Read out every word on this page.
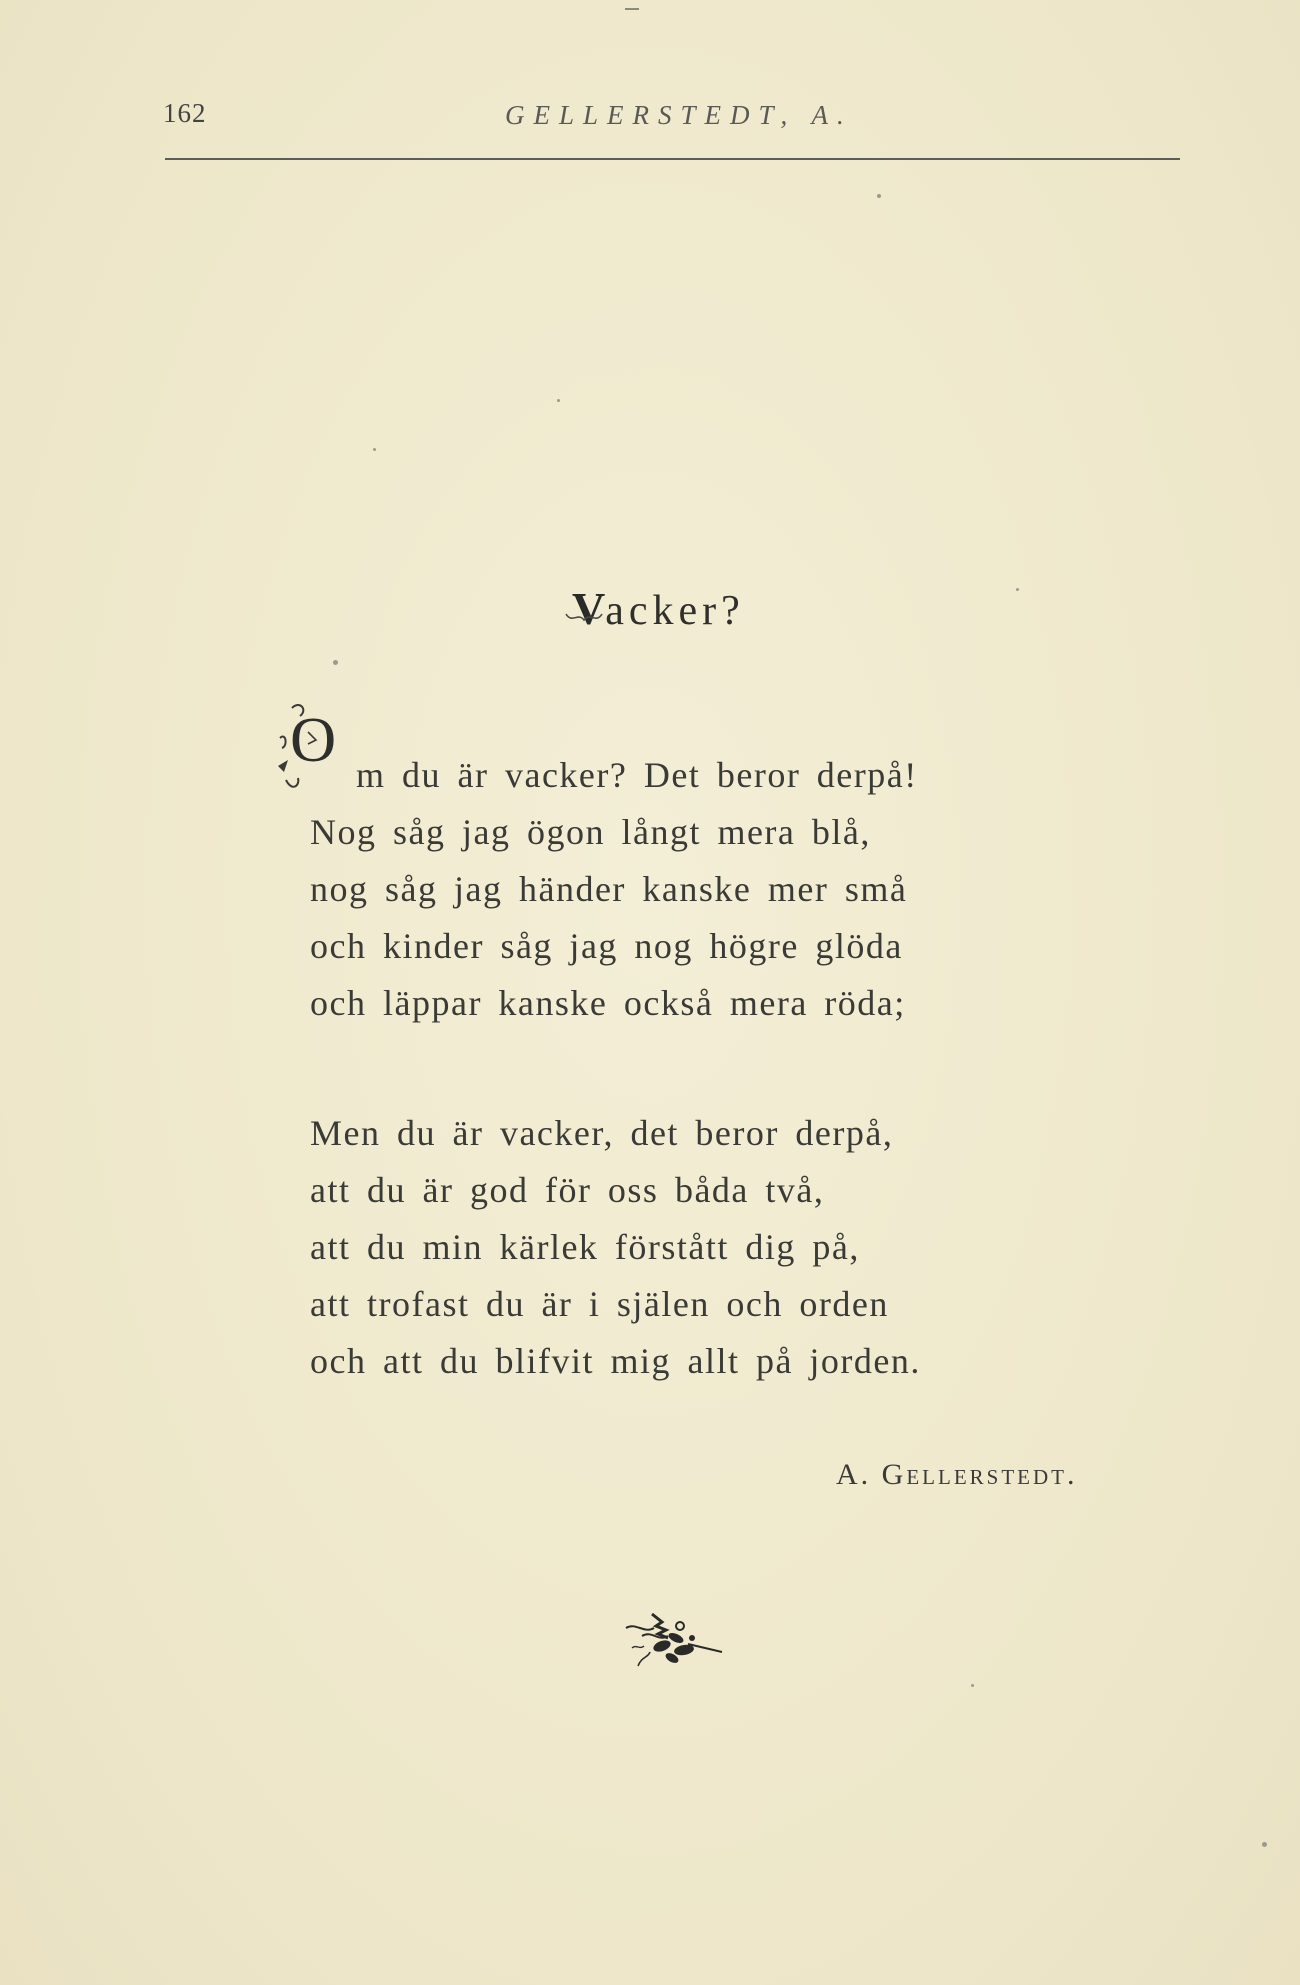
162	GELLERSTEDT, A.
V
acker?
O m du är vacker? Det beror derpå!
Nog såg jag ögon långt mera blå,
nog såg jag händer kanske mer små
och kinder såg jag nog högre glöda
och läppar kanske också mera röda;
Men du är vacker, det beror derpå,
att du är god för oss båda två,
att du min kärlek förstått dig på,
att trofast du är i själen och orden
och att du blifvit mig allt på jorden.
A. Gellerstedt.
